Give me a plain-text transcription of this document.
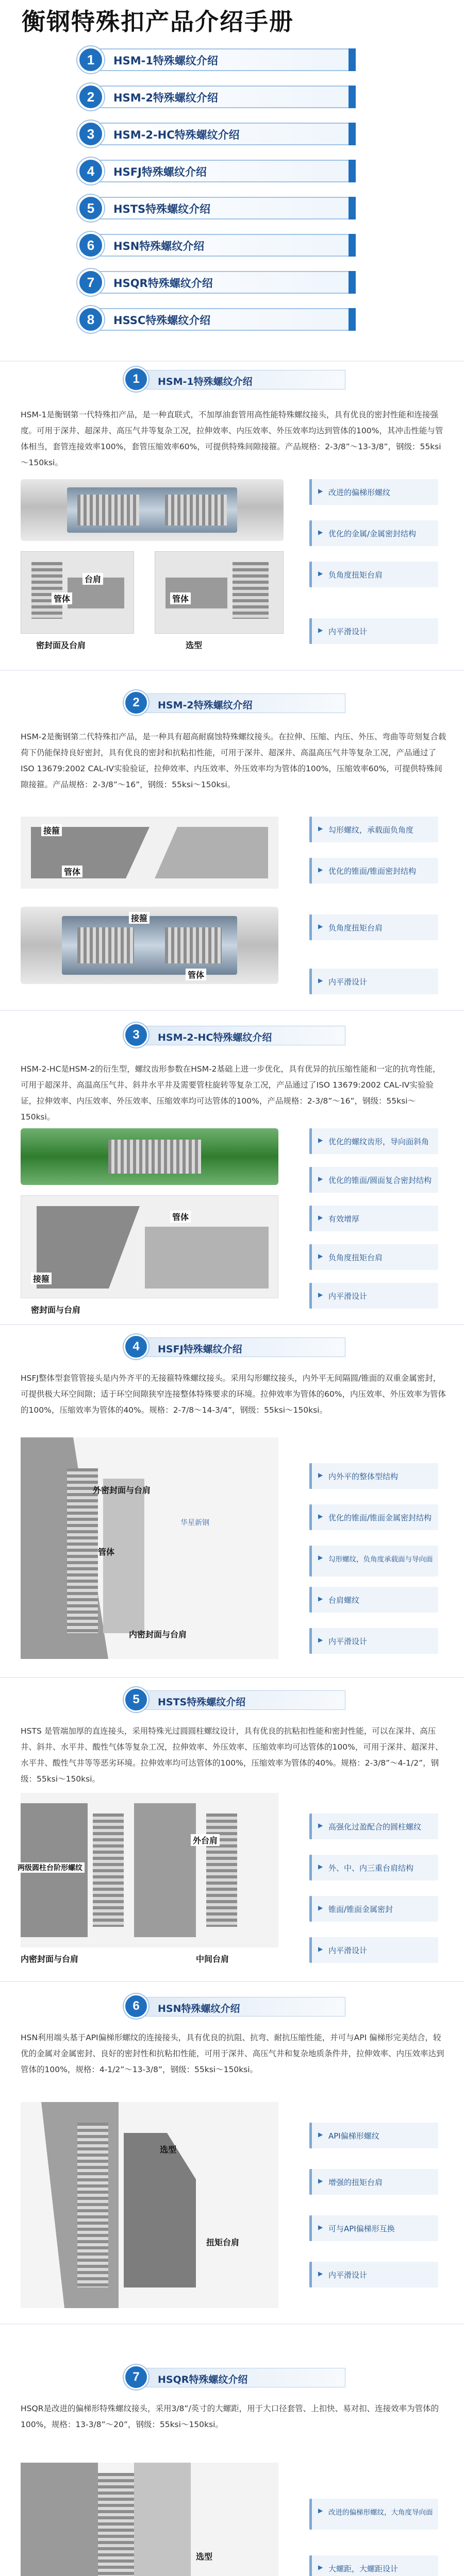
衡钢特殊扣产品介绍手册
1	HSM-1特殊螺纹介绍
2	HSM-2特殊螺纹介绍
3	HSM-2-HC特殊螺纹介绍
4	HSFJ特殊螺纹介绍
5	HSTS特殊螺纹介绍
6	HSN特殊螺纹介绍
7	HSQR特殊螺纹介绍
8	HSSC特殊螺纹介绍
1	HSM-1特殊螺纹介绍
HSM-1是衡钢第一代特殊扣产品，是一种直联式，不加厚油套管用高性能特殊螺纹接头，具有优良的密封性能和连接强度。可用于深井、超深井、高压气井等复杂工况，拉伸效率、内压效率、外压效率均达到管体的100%，其冲击性能与管体相当，套管连接效率100%，套管压缩效率60%，可提供特殊间隙接箍。产品规格：2-3/8”～13-3/8”，钢级：55ksi～150ksi。
密封面及台肩
台肩
管体	管体
选型
▶ 改进的偏梯形螺纹
▶ 优化的金属/金属密封结构
▶ 负角度扭矩台肩
▶ 内平滑设计
2	HSM-2特殊螺纹介绍
HSM-2是衡钢第二代特殊扣产品，是一种具有超高耐腐蚀特殊螺纹接头。在拉伸、压缩、内压、外压、弯曲等苛刻复合载荷下仍能保持良好密封，具有优良的密封和抗粘扣性能，可用于深井、超深井、高温高压气井等复杂工况，产品通过了ISO 13679:2002 CAL-IV实验验证，拉伸效率、内压效率、外压效率均为管体的100%，压缩效率60%，可提供特殊间隙接箍。产品规格：2-3/8”～16”，钢级：55ksi～150ksi。
接箍
管体
接箍
管体
▶ 勾形螺纹，承载面负角度
▶ 优化的锥面/锥面密封结构
▶ 负角度扭矩台肩
▶ 内平滑设计
3	HSM-2-HC特殊螺纹介绍
HSM-2-HC是HSM-2的衍生型，螺纹齿形参数在HSM-2基础上进一步优化，具有优异的抗压缩性能和一定的抗弯性能，可用于超深井、高温高压气井、斜井水平井及需要管柱旋转等复杂工况，产品通过了ISO 13679:2002 CAL-IV实验验证，拉伸效率、内压效率、外压效率、压缩效率均可达管体的100%，产品规格：2-3/8”～16”，钢级：55ksi～150ksi。
接箍
管体
密封面与台肩
▶ 优化的螺纹齿形，导向面斜角
▶ 优化的锥面/圆面复合密封结构
▶ 有效增厚
▶ 负角度扭矩台肩
▶ 内平滑设计
4	HSFJ特殊螺纹介绍
HSFJ整体型套管管接头是内外齐平的无接箍特殊螺纹接头。采用勾形螺纹接头，内外平无间隔圆/锥面的双重金属密封，可提供极大环空间隙；适于环空间隙狭窄连接整体特殊要求的环境。拉伸效率为管体的60%，内压效率、外压效率为管体的100%，压缩效率为管体的40%。规格：2-7/8～14-3/4”，钢级：55ksi～150ksi。
外密封面与台肩
管体
内密封面与台肩
华星新钢
▶ 内外平的整体型结构
▶ 优化的锥面/锥面金属密封结构
▶ 勾形螺纹，负角度承载面与导向面
▶ 台肩螺纹
▶ 内平滑设计
5	HSTS特殊螺纹介绍
HSTS 是管端加厚的直连接头，采用特殊光过圆圆柱螺纹设计，具有优良的抗粘扣性能和密封性能，可以在深井、高压井、斜井、水平井、酸性气体等复杂工况，拉伸效率、外压效率、压缩效率均可达管体的100%，可用于深井、超深井、水平井、酸性气井等等恶劣环境。拉伸效率均可达管体的100%，压缩效率为管体的40%。规格：2-3/8”～4-1/2”，钢级：55ksi～150ksi。
两级圆柱台阶形螺纹
外台肩
内密封面与台肩	中间台肩
▶ 高强化过盈配合的圆柱螺纹
▶ 外、中、内三重台肩结构
▶ 锥面/锥面金属密封
▶ 内平滑设计
6	HSN特殊螺纹介绍
HSN利用端头基于API偏梯形螺纹的连接接头，具有优良的抗阻、抗弯、耐抗压缩性能，并可与API 偏梯形完美结合，较优的金属对金属密封、良好的密封性和抗粘扣性能，可用于深井、高压气井和复杂地质条件井，拉伸效率、内压效率达到管体的100%，规格：4-1/2”～13-3/8”，钢级：55ksi～150ksi。
选型
扭矩台肩
▶ API偏梯形螺纹
▶ 增强的扭矩台肩
▶ 可与API偏梯形互换
▶ 内平滑设计
7	HSQR特殊螺纹介绍
HSQR是改进的偏梯形特殊螺纹接头，采用3/8”/英寸的大螺距，用于大口径套管、上扣快、易对扣、连接效率为管体的100%，规格：13-3/8”～20”，钢级：55ksi～150ksi。
选型
▶ 改进的偏梯形螺纹，大角度导向面
▶ 大螺距，大螺距设计
